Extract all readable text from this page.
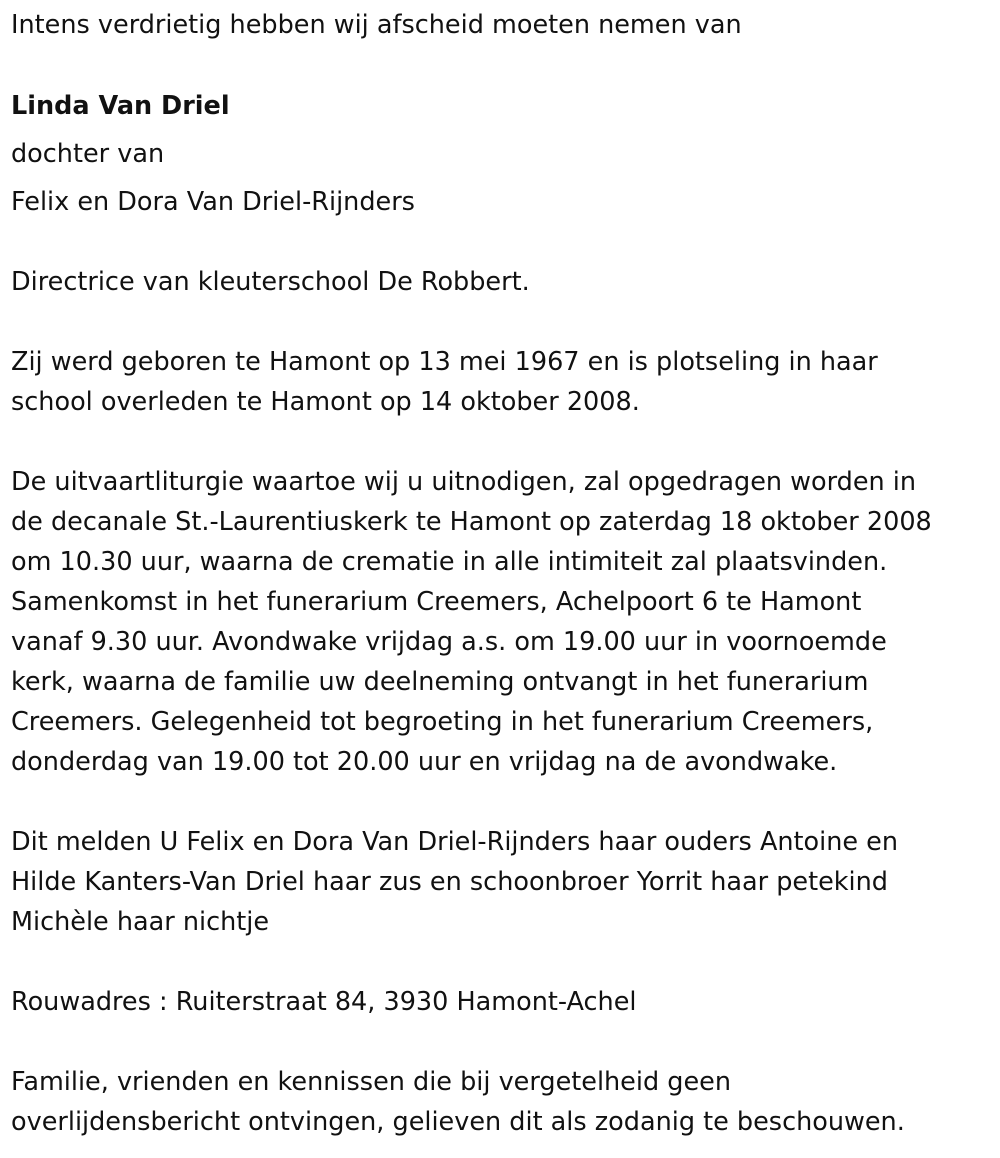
Intens verdrietig hebben wij afscheid moeten nemen van

Linda Van Driel

dochter van

Felix en Dora Van Driel-Rijnders

Directrice van kleuterschool De Robbert.

Zij werd geboren te Hamont op 13 mei 1967 en is plotseling in haar

school overleden te Hamont op 14 oktober 2008.

De uitvaartliturgie waartoe wij u uitnodigen, zal opgedragen worden in

de decanale St.-Laurentiuskerk te Hamont op zaterdag 18 oktober 2008

om 10.30 uur, waarna de crematie in alle intimiteit zal plaatsvinden.

Samenkomst in het funerarium Creemers, Achelpoort 6 te Hamont

vanaf 9.30 uur. Avondwake vrijdag a.s. om 19.00 uur in voornoemde

kerk, waarna de familie uw deelneming ontvangt in het funerarium

Creemers. Gelegenheid tot begroeting in het funerarium Creemers,

donderdag van 19.00 tot 20.00 uur en vrijdag na de avondwake.

Dit melden U Felix en Dora Van Driel-Rijnders haar ouders Antoine en

Hilde Kanters-Van Driel haar zus en schoonbroer Yorrit haar petekind

Michèle haar nichtje

Rouwadres : Ruiterstraat 84, 3930 Hamont-Achel

Familie, vrienden en kennissen die bij vergetelheid geen

overlijdensbericht ontvingen, gelieven dit als zodanig te beschouwen.
